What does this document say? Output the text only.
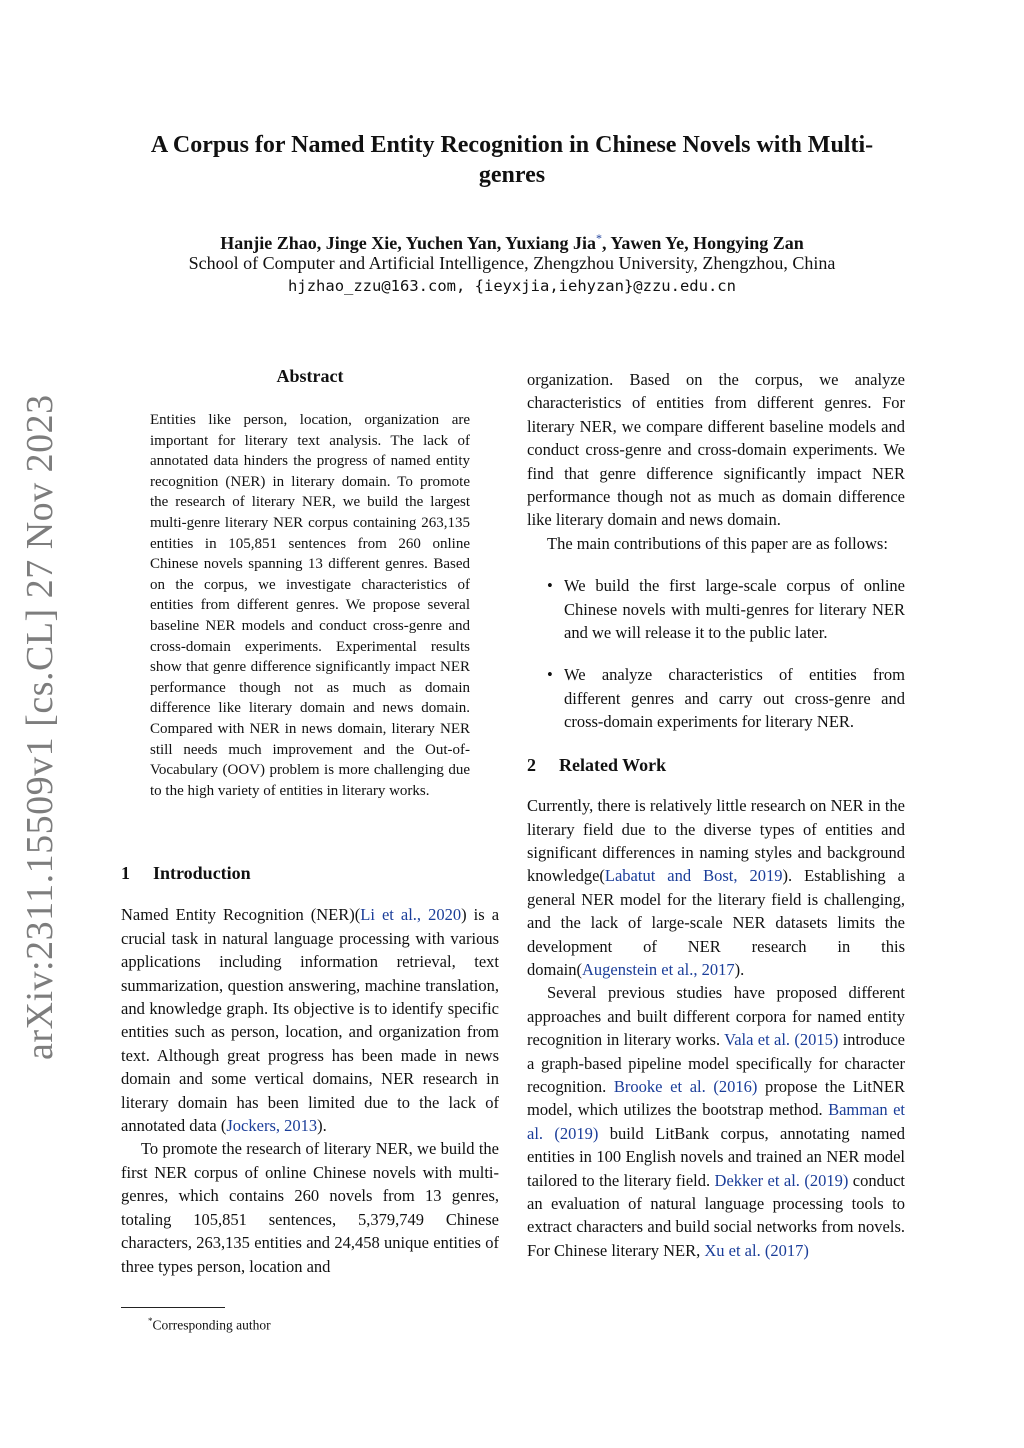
arXiv:2311.15509v1 [cs.CL] 27 Nov 2023
A Corpus for Named Entity Recognition in Chinese Novels with Multi-genres
Hanjie Zhao, Jinge Xie, Yuchen Yan, Yuxiang Jia*, Yawen Ye, Hongying Zan
School of Computer and Artificial Intelligence, Zhengzhou University, Zhengzhou, China
hjzhao_zzu@163.com, {ieyxjia,iehyzan}@zzu.edu.cn
Abstract

Entities like person, location, organization are important for literary text analysis. The lack of annotated data hinders the progress of named entity recognition (NER) in literary domain. To promote the research of literary NER, we build the largest multi-genre literary NER corpus containing 263,135 entities in 105,851 sentences from 260 online Chinese novels spanning 13 different genres. Based on the corpus, we investigate characteristics of entities from different genres. We propose several baseline NER models and conduct cross-genre and cross-domain experiments. Experimental results show that genre difference significantly impact NER performance though not as much as domain difference like literary domain and news domain. Compared with NER in news domain, literary NER still needs much improvement and the Out-of-Vocabulary (OOV) problem is more challenging due to the high variety of entities in literary works.

1 Introduction

Named Entity Recognition (NER)(Li et al., 2020) is a crucial task in natural language processing with various applications including information retrieval, text summarization, question answering, machine translation, and knowledge graph. Its objective is to identify specific entities such as person, location, and organization from text. Although great progress has been made in news domain and some vertical domains, NER research in literary domain has been limited due to the lack of annotated data (Jockers, 2013).

To promote the research of literary NER, we build the first NER corpus of online Chinese novels with multi-genres, which contains 260 novels from 13 genres, totaling 105,851 sentences, 5,379,749 Chinese characters, 263,135 entities and 24,458 unique entities of three types person, location and

organization. Based on the corpus, we analyze characteristics of entities from different genres. For literary NER, we compare different baseline models and conduct cross-genre and cross-domain experiments. We find that genre difference significantly impact NER performance though not as much as domain difference like literary domain and news domain.

The main contributions of this paper are as follows:

• We build the first large-scale corpus of online Chinese novels with multi-genres for literary NER and we will release it to the public later.
• We analyze characteristics of entities from different genres and carry out cross-genre and cross-domain experiments for literary NER.
2 Related Work

Currently, there is relatively little research on NER in the literary field due to the diverse types of entities and significant differences in naming styles and background knowledge(Labatut and Bost, 2019). Establishing a general NER model for the literary field is challenging, and the lack of large-scale NER datasets limits the development of NER research in this domain(Augenstein et al., 2017).

Several previous studies have proposed different approaches and built different corpora for named entity recognition in literary works. Vala et al. (2015) introduce a graph-based pipeline model specifically for character recognition. Brooke et al. (2016) propose the LitNER model, which utilizes the bootstrap method. Bamman et al. (2019) build LitBank corpus, annotating named entities in 100 English novels and trained an NER model tailored to the literary field. Dekker et al. (2019) conduct an evaluation of natural language processing tools to extract characters and build social networks from novels. For Chinese literary NER, Xu et al. (2017)

*Corresponding author
